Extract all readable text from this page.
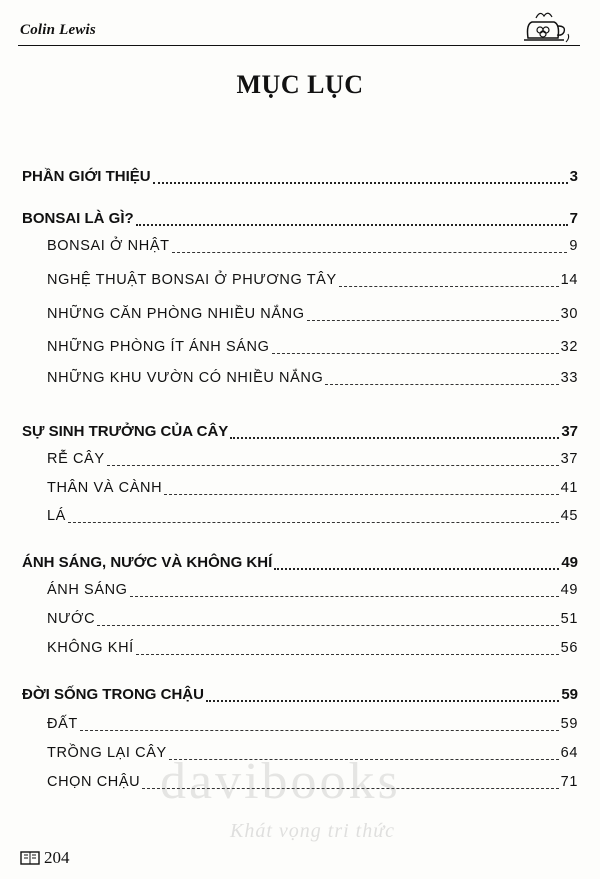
Colin Lewis
MỤC LỤC
PHẦN GIỚI THIỆU	3
BONSAI LÀ GÌ?	7
BONSAI Ở NHẬT	9
NGHỆ THUẬT BONSAI Ở PHƯƠNG TÂY	14
NHỮNG CĂN PHÒNG NHIỀU NẮNG	30
NHỮNG PHÒNG ÍT ÁNH SÁNG	32
NHỮNG KHU VƯỜN CÓ NHIỀU NẮNG	33
SỰ SINH TRƯỞNG CỦA CÂY	37
RỄ CÂY	37
THÂN VÀ CÀNH	41
LÁ	45
ÁNH SÁNG, NƯỚC VÀ KHÔNG KHÍ	49
ÁNH SÁNG	49
NƯỚC	51
KHÔNG KHÍ	56
ĐỜI SỐNG TRONG CHẬU	59
ĐẤT	59
TRỒNG LẠI CÂY	64
CHỌN CHẬU	71
204
davibooks
Khát vọng tri thức
